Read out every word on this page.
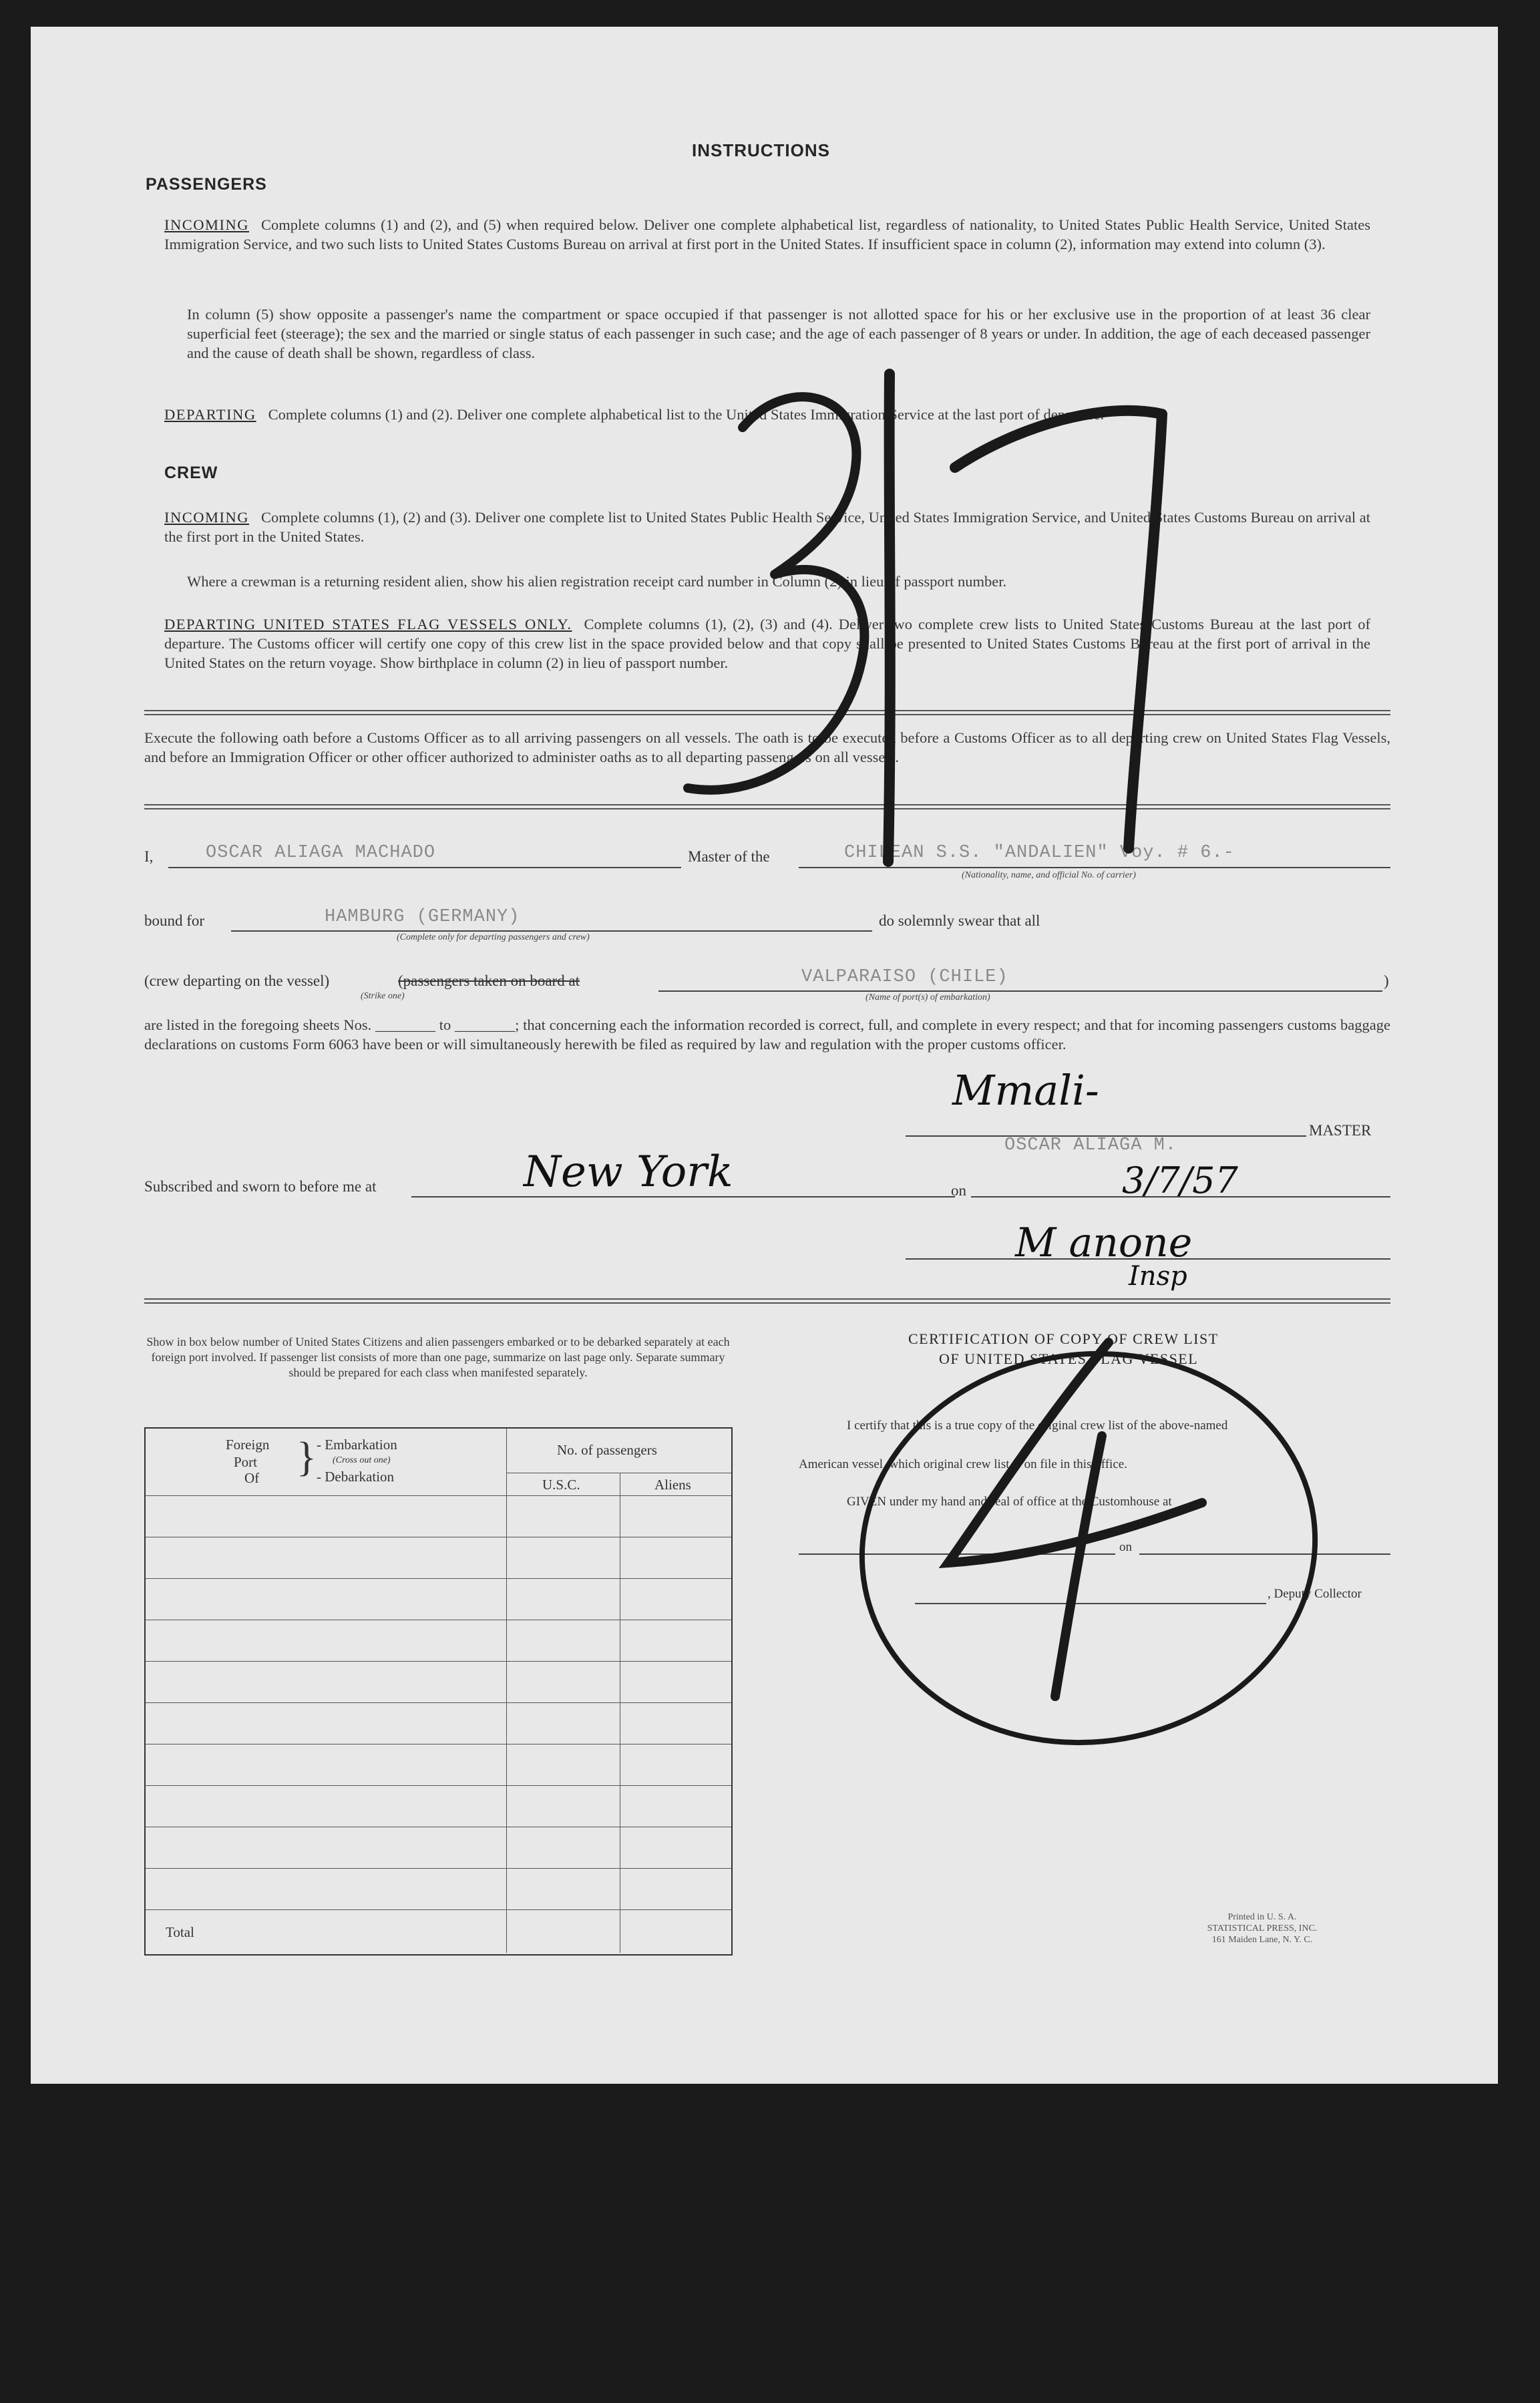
INSTRUCTIONS
PASSENGERS
INCOMING Complete columns (1) and (2), and (5) when required below. Deliver one complete alphabetical list, regardless of nationality, to United States Public Health Service, United States Immigration Service, and two such lists to United States Customs Bureau on arrival at first port in the United States. If insufficient space in column (2), information may extend into column (3).
In column (5) show opposite a passenger's name the compartment or space occupied if that passenger is not allotted space for his or her exclusive use in the proportion of at least 36 clear superficial feet (steerage); the sex and the married or single status of each passenger in such case; and the age of each passenger of 8 years or under. In addition, the age of each deceased passenger and the cause of death shall be shown, regardless of class.
DEPARTING Complete columns (1) and (2). Deliver one complete alphabetical list to the United States Immigration Service at the last port of departure.
CREW
INCOMING Complete columns (1), (2) and (3). Deliver one complete list to United States Public Health Service, United States Immigration Service, and United States Customs Bureau on arrival at the first port in the United States.
Where a crewman is a returning resident alien, show his alien registration receipt card number in Column (2) in lieu of passport number.
DEPARTING UNITED STATES FLAG VESSELS ONLY. Complete columns (1), (2), (3) and (4). Deliver two complete crew lists to United States Customs Bureau at the last port of departure. The Customs officer will certify one copy of this crew list in the space provided below and that copy shall be presented to United States Customs Bureau at the first port of arrival in the United States on the return voyage. Show birthplace in column (2) in lieu of passport number.
Execute the following oath before a Customs Officer as to all arriving passengers on all vessels. The oath is to be executed before a Customs Officer as to all departing crew on United States Flag Vessels, and before an Immigration Officer or other officer authorized to administer oaths as to all departing passengers on all vessels.
I,	OSCAR ALIAGA MACHADO	Master of the	CHILEAN S.S. "ANDALIEN" Voy. # 6.-
(Nationality, name, and official No. of carrier)
bound for	HAMBURG (GERMANY)
(Complete only for departing passengers and crew)
do solemnly swear that all
(crew departing on the vessel)	(passengers taken on board at
(Strike one)
VALPARAISO (CHILE)
(Name of port(s) of embarkation)
)
are listed in the foregoing sheets Nos. ________ to ________; that concerning each the information recorded is correct, full, and complete in every respect; and that for incoming passengers customs baggage declarations on customs Form 6063 have been or will simultaneously herewith be filed as required by law and regulation with the proper customs officer.
Mmali-
MASTER
OSCAR ALIAGA M.
Subscribed and sworn to before me at	New York	on	3/7/57
M anone
Insp
Show in box below number of United States Citizens and alien passengers embarked or to be debarked separately at each foreign port involved. If passenger list consists of more than one page, summarize on last page only. Separate summary should be prepared for each class when manifested separately.
Foreign
Port
Of } - Embarkation
(Cross out one)
- Debarkation
No. of passengers
U.S.C.	Aliens
Total
CERTIFICATION OF COPY OF CREW LIST
OF UNITED STATES FLAG VESSEL
I certify that this is a true copy of the original crew list of the above-named
American vessel, which original crew list is on file in this office.
GIVEN under my hand and seal of office at the Customhouse at
on
, Deputy Collector
Printed in U. S. A.
STATISTICAL PRESS, INC.
161 Maiden Lane, N. Y. C.
317
4
